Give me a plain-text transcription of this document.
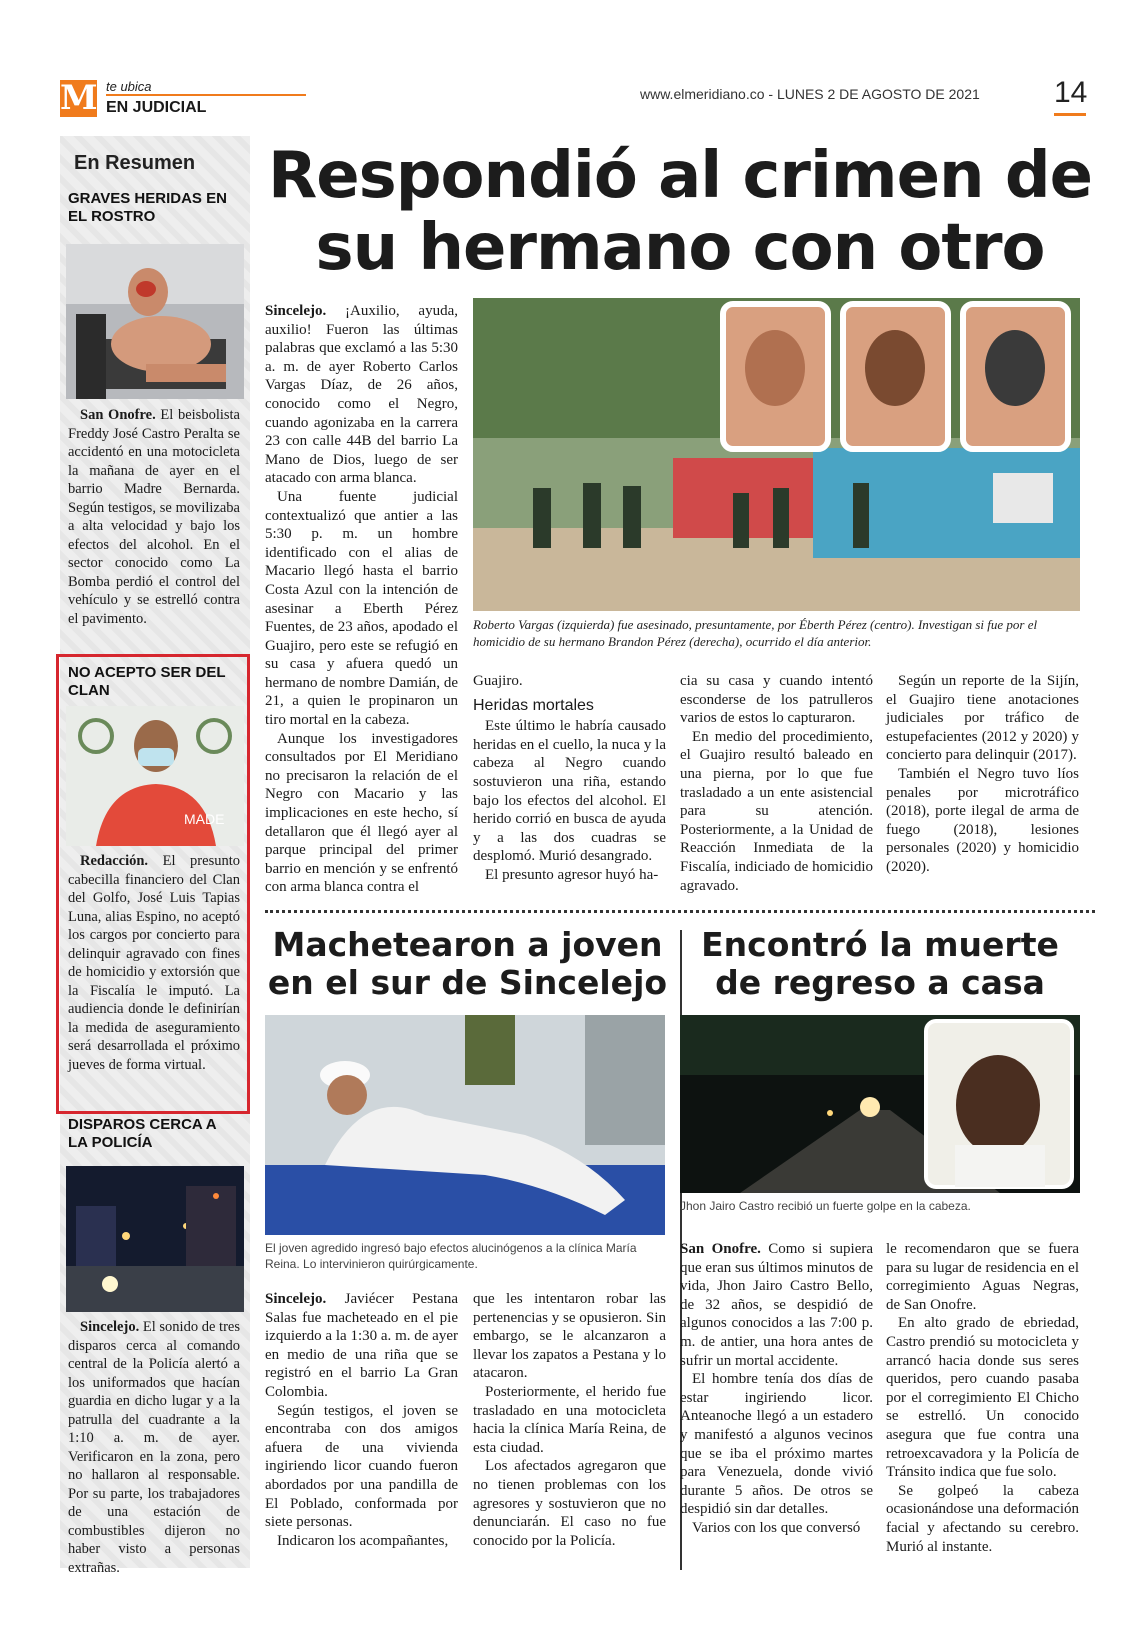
M te ubica
EN JUDICIAL
www.elmeridiano.co - LUNES 2 DE AGOSTO DE 2021 14
En Resumen
GRAVES HERIDAS EN EL ROSTRO
San Onofre. El beisbolista Freddy José Castro Peralta se accidentó en una motocicleta la mañana de ayer en el barrio Madre Bernarda. Según testigos, se movilizaba a alta velocidad y bajo los efectos del alcohol. En el sector conocido como La Bomba perdió el control del vehículo y se estrelló contra el pavimento.
NO ACEPTO SER DEL CLAN
MADE
Redacción. El presunto cabecilla financiero del Clan del Golfo, José Luis Tapias Luna, alias Espino, no aceptó los cargos por concierto para delinquir agravado con fines de homicidio y extorsión que la Fiscalía le imputó. La audiencia donde le definirían la medida de aseguramiento será desarrollada el próximo jueves de forma virtual.
DISPAROS CERCA A LA POLICÍA
Sincelejo. El sonido de tres disparos cerca al comando central de la Policía alertó a los uniformados que hacían guardia en dicho lugar y a la patrulla del cuadrante a la 1:10 a. m. de ayer. Verificaron en la zona, pero no hallaron al responsable. Por su parte, los trabajadores de una estación de combustibles dijeron no haber visto a personas extrañas.
Respondió al crimen de su hermano con otro

Sincelejo. ¡Auxilio, ayuda, auxilio! Fueron las últimas palabras que exclamó a las 5:30 a. m. de ayer Roberto Carlos Vargas Díaz, de 26 años, conocido como el Negro, cuando agonizaba en la carrera 23 con calle 44B del barrio La Mano de Dios, luego de ser atacado con arma blanca.

Una fuente judicial contextualizó que antier a las 5:30 p. m. un hombre identificado con el alias de Macario llegó hasta el barrio Costa Azul con la intención de asesinar a Eberth Pérez Fuentes, de 23 años, apodado el Guajiro, pero este se refugió en su casa y afuera quedó un hermano de nombre Damián, de 21, a quien le propinaron un tiro mortal en la cabeza.

Aunque los investigadores consultados por El Meridiano no precisaron la relación de el Negro con Macario y las implicaciones en este hecho, sí detallaron que él llegó ayer al parque principal del primer barrio en mención y se enfrentó con arma blanca contra el

Roberto Vargas (izquierda) fue asesinado, presuntamente, por Éberth Pérez (centro). Investigan si fue por el homicidio de su hermano Brandon Pérez (derecha), ocurrido el día anterior.

Guajiro.

Heridas mortales

Este último le habría causado heridas en el cuello, la nuca y la cabeza al Negro cuando sostuvieron una riña, estando bajo los efectos del alcohol. El herido corrió en busca de ayuda y a las dos cuadras se desplomó. Murió desangrado.

El presunto agresor huyó ha-

cia su casa y cuando intentó esconderse de los patrulleros varios de estos lo capturaron.

En medio del procedimiento, el Guajiro resultó baleado en una pierna, por lo que fue trasladado a un ente asistencial para su atención. Posteriormente, a la Unidad de Reacción Inmediata de la Fiscalía, indiciado de homicidio agravado.

Según un reporte de la Sijín, el Guajiro tiene anotaciones judiciales por tráfico de estupefacientes (2012 y 2020) y concierto para delinquir (2017).

También el Negro tuvo líos penales por microtráfico (2018), porte ilegal de arma de fuego (2018), lesiones personales (2020) y homicidio (2020).

Machetearon a joven en el sur de Sincelejo
El joven agredido ingresó bajo efectos alucinógenos a la clínica María Reina. Lo intervinieron quirúrgicamente.

Sincelejo. Javiécer Pestana Salas fue macheteado en el pie izquierdo a la 1:30 a. m. de ayer en medio de una riña que se registró en el barrio La Gran Colombia.

Según testigos, el joven se encontraba con dos amigos afuera de una vivienda ingiriendo licor cuando fueron abordados por una pandilla de El Poblado, conformada por siete personas.

Indicaron los acompañantes,

que les intentaron robar las pertenencias y se opusieron. Sin embargo, se le alcanzaron a llevar los zapatos a Pestana y lo atacaron.

Posteriormente, el herido fue trasladado en una motocicleta hacia la clínica María Reina, de esta ciudad.

Los afectados agregaron que no tienen problemas con los agresores y sostuvieron que no denunciarán. El caso no fue conocido por la Policía.

Encontró la muerte de regreso a casa
Jhon Jairo Castro recibió un fuerte golpe en la cabeza.

San Onofre. Como si supiera que eran sus últimos minutos de vida, Jhon Jairo Castro Bello, de 32 años, se despidió de algunos conocidos a las 7:00 p. m. de antier, una hora antes de sufrir un mortal accidente.

El hombre tenía dos días de estar ingiriendo licor. Anteanoche llegó a un estadero y manifestó a algunos vecinos que se iba el próximo martes para Venezuela, donde vivió durante 5 años. De otros se despidió sin dar detalles.

Varios con los que conversó

le recomendaron que se fuera para su lugar de residencia en el corregimiento Aguas Negras, de San Onofre.

En alto grado de ebriedad, Castro prendió su motocicleta y arrancó hacia donde sus seres queridos, pero cuando pasaba por el corregimiento El Chicho se estrelló. Un conocido asegura que fue contra una retroexcavadora y la Policía de Tránsito indica que fue solo.

Se golpeó la cabeza ocasionándose una deformación facial y afectando su cerebro. Murió al instante.
